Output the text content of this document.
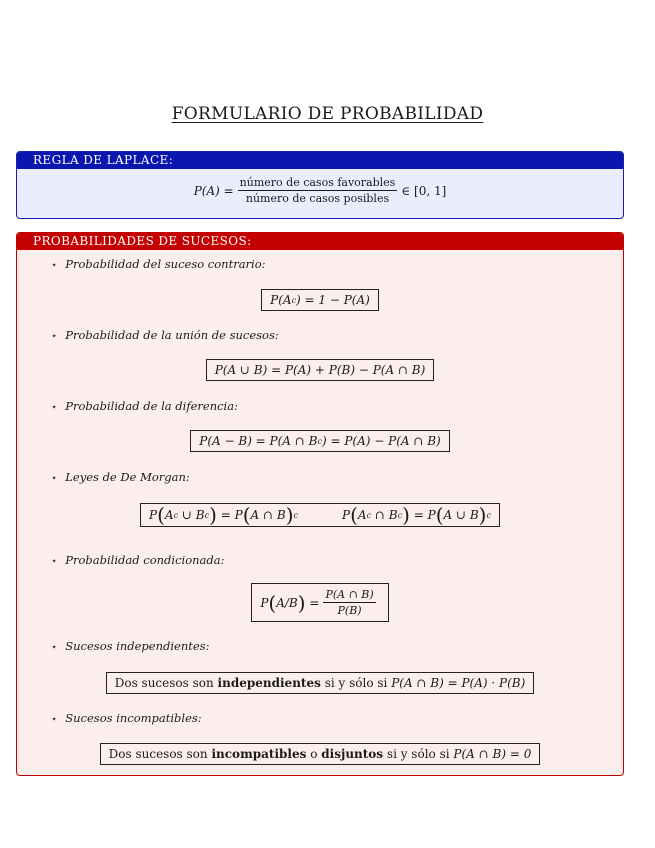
FORMULARIO DE PROBABILIDAD
REGLA DE LAPLACE:
$P(A) = \frac{\text{número de casos favorables}}{\text{número de casos posibles}}$ ∈ [0, 1]
PROBABILIDADES DE SUCESOS:
⋆ Probabilidad del suceso contrario:
P(A c ) = 1 − P(A)
⋆ Probabilidad de la unión de sucesos:
P(A ∪ B) = P(A) + P(B) − P(A ∩ B)
⋆ Probabilidad de la diferencia:
P(A − B) = P(A ∩ B c ) = P(A) − P(A ∩ B)
⋆ Leyes de De Morgan:
P ( A c
∪
B c )
=
P ( A ∩ B ) c	P ( A c
∩
B c )
=
P ( A ∪ B ) c
⋆ Probabilidad condicionada:
P ( A/B )
= $\frac{P(A \cap B)}{P(B)}$
⋆ Sucesos independientes:
Dos sucesos son
independientes
si y sólo si
P(A ∩ B) = P(A) · P(B)
⋆ Sucesos incompatibles:
Dos sucesos son
incompatibles
o
disjuntos
si y sólo si
P(A ∩ B) = 0
